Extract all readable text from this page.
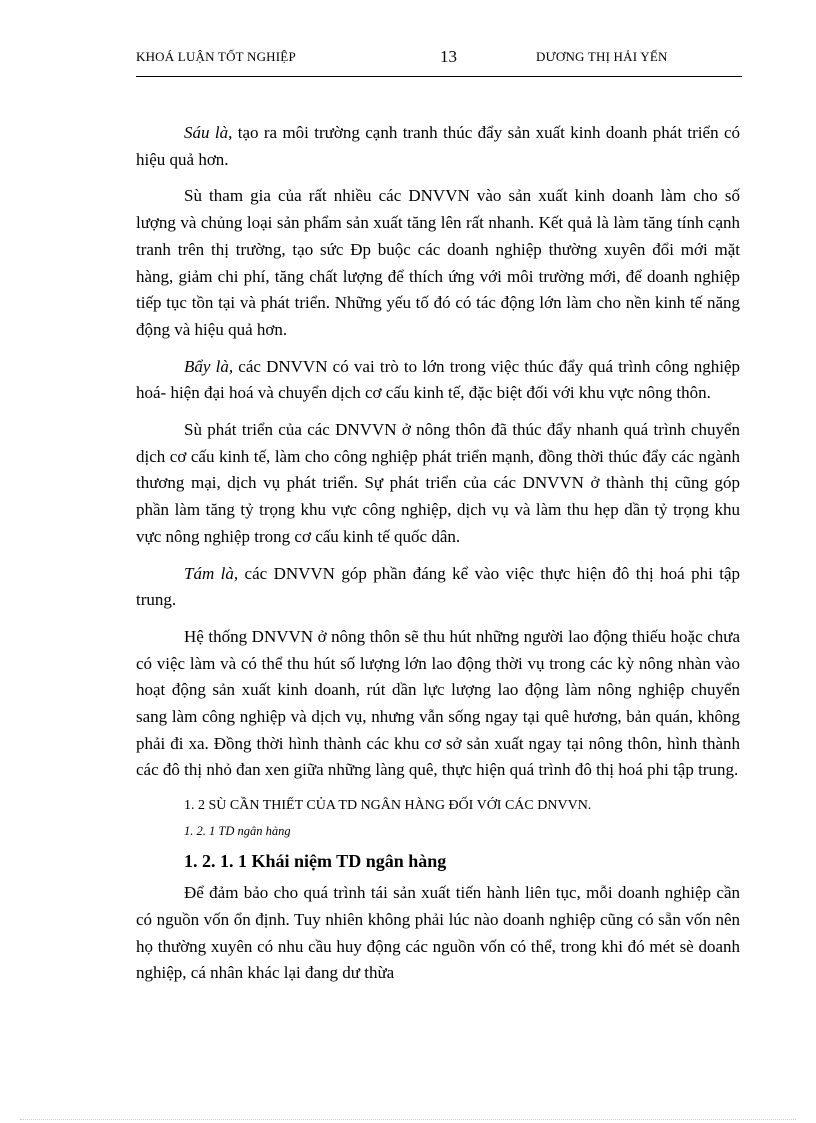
KHOÁ LUẬN TỐT NGHIỆP	13	DƯƠNG THỊ HẢI YẾN

Sáu là, tạo ra môi trường cạnh tranh thúc đẩy sản xuất kinh doanh phát triển có hiệu quả hơn.

Sù tham gia của rất nhiều các DNVVN vào sản xuất kinh doanh làm cho số lượng và chủng loại sản phẩm sản xuất tăng lên rất nhanh. Kết quả là làm tăng tính cạnh tranh trên thị trường, tạo sức Ðp buộc các doanh nghiệp thường xuyên đổi mới mặt hàng, giảm chi phí, tăng chất lượng để thích ứng với môi trường mới, để doanh nghiệp tiếp tục tồn tại và phát triển. Những yếu tố đó có tác động lớn làm cho nền kinh tế năng động và hiệu quả hơn.

Bẩy là, các DNVVN có vai trò to lớn trong việc thúc đẩy quá trình công nghiệp hoá- hiện đại hoá và chuyển dịch cơ cấu kinh tế, đặc biệt đối với khu vực nông thôn.

Sù phát triển của các DNVVN ở nông thôn đã thúc đẩy nhanh quá trình chuyển dịch cơ cấu kinh tế, làm cho công nghiệp phát triển mạnh, đồng thời thúc đẩy các ngành thương mại, dịch vụ phát triển. Sự phát triển của các DNVVN ở thành thị cũng góp phần làm tăng tỷ trọng khu vực công nghiệp, dịch vụ và làm thu hẹp dần tỷ trọng khu vực nông nghiệp trong cơ cấu kinh tế quốc dân.

Tám là, các DNVVN góp phần đáng kể vào việc thực hiện đô thị hoá phi tập trung.

Hệ thống DNVVN ở nông thôn sẽ thu hút những người lao động thiếu hoặc chưa có việc làm và có thể thu hút số lượng lớn lao động thời vụ trong các kỳ nông nhàn vào hoạt động sản xuất kinh doanh, rút dần lực lượng lao động làm nông nghiệp chuyển sang làm công nghiệp và dịch vụ, nhưng vẫn sống ngay tại quê hương, bản quán, không phải đi xa. Đồng thời hình thành các khu cơ sở sản xuất ngay tại nông thôn, hình thành các đô thị nhỏ đan xen giữa những làng quê, thực hiện quá trình đô thị hoá phi tập trung.

1. 2 SÙ CẦN THIẾT CỦA TD NGÂN HÀNG ĐỐI VỚI CÁC DNVVN.

1. 2. 1 TD ngân hàng

1. 2. 1. 1 Khái niệm TD ngân hàng

Để đảm bảo cho quá trình tái sản xuất tiến hành liên tục, mỗi doanh nghiệp cần có nguồn vốn ổn định. Tuy nhiên không phải lúc nào doanh nghiệp cũng có sẵn vốn nên họ thường xuyên có nhu cầu huy động các nguồn vốn có thể, trong khi đó mét sè doanh nghiệp, cá nhân khác lại đang dư thừa
